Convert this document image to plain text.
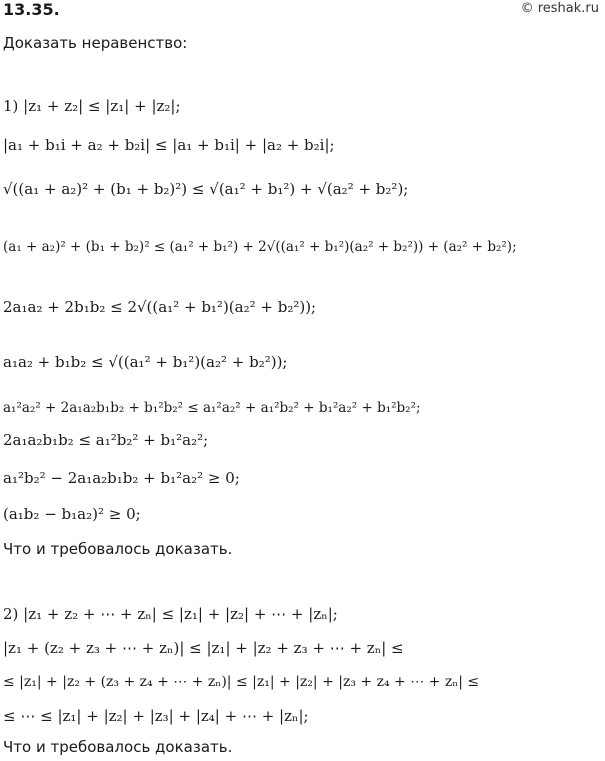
13.35.	© reshak.ru
Доказать неравенство:
1) |z₁ + z₂| ≤ |z₁| + |z₂|;
|a₁ + b₁i + a₂ + b₂i| ≤ |a₁ + b₁i| + |a₂ + b₂i|;
√((a₁ + a₂)² + (b₁ + b₂)²) ≤ √(a₁² + b₁²) + √(a₂² + b₂²);
(a₁ + a₂)² + (b₁ + b₂)² ≤ (a₁² + b₁²) + 2√((a₁² + b₁²)(a₂² + b₂²)) + (a₂² + b₂²);
2a₁a₂ + 2b₁b₂ ≤ 2√((a₁² + b₁²)(a₂² + b₂²));
a₁a₂ + b₁b₂ ≤ √((a₁² + b₁²)(a₂² + b₂²));
a₁²a₂² + 2a₁a₂b₁b₂ + b₁²b₂² ≤ a₁²a₂² + a₁²b₂² + b₁²a₂² + b₁²b₂²;
2a₁a₂b₁b₂ ≤ a₁²b₂² + b₁²a₂²;
a₁²b₂² − 2a₁a₂b₁b₂ + b₁²a₂² ≥ 0;
(a₁b₂ − b₁a₂)² ≥ 0;
Что и требовалось доказать.
2) |z₁ + z₂ + ⋯ + zₙ| ≤ |z₁| + |z₂| + ⋯ + |zₙ|;
|z₁ + (z₂ + z₃ + ⋯ + zₙ)| ≤ |z₁| + |z₂ + z₃ + ⋯ + zₙ| ≤
≤ |z₁| + |z₂ + (z₃ + z₄ + ⋯ + zₙ)| ≤ |z₁| + |z₂| + |z₃ + z₄ + ⋯ + zₙ| ≤
≤ ⋯ ≤ |z₁| + |z₂| + |z₃| + |z₄| + ⋯ + |zₙ|;
Что и требовалось доказать.
